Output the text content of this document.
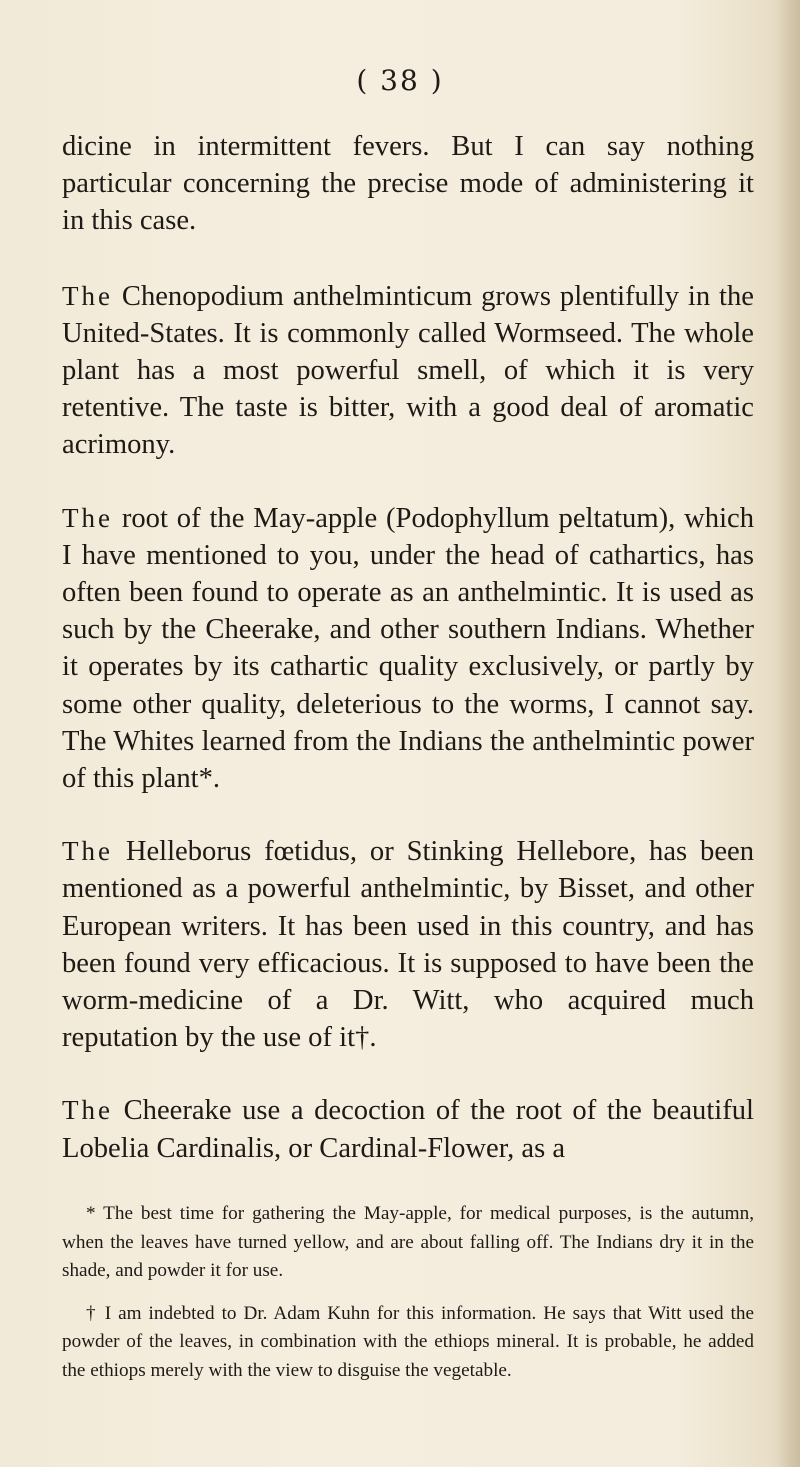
( 38 )

dicine in intermittent fevers. But I can say nothing particular concerning the precise mode of administering it in this case.

The Chenopodium anthelminticum grows plentifully in the United-States. It is commonly called Wormseed. The whole plant has a most powerful smell, of which it is very retentive. The taste is bitter, with a good deal of aromatic acrimony.

The root of the May-apple (Podophyllum peltatum), which I have mentioned to you, under the head of cathartics, has often been found to operate as an anthelmintic. It is used as such by the Cheerake, and other southern Indians. Whether it operates by its cathartic quality exclusively, or partly by some other quality, deleterious to the worms, I cannot say. The Whites learned from the Indians the anthelmintic power of this plant*.

The Helleborus fœtidus, or Stinking Hellebore, has been mentioned as a powerful anthelmintic, by Bisset, and other European writers. It has been used in this country, and has been found very efficacious. It is supposed to have been the worm-medicine of a Dr. Witt, who acquired much reputation by the use of it†.

The Cheerake use a decoction of the root of the beautiful Lobelia Cardinalis, or Cardinal-Flower, as a

* The best time for gathering the May-apple, for medical purposes, is the autumn, when the leaves have turned yellow, and are about falling off. The Indians dry it in the shade, and powder it for use.

† I am indebted to Dr. Adam Kuhn for this information. He says that Witt used the powder of the leaves, in combination with the ethiops mineral. It is probable, he added the ethiops merely with the view to disguise the vegetable.
